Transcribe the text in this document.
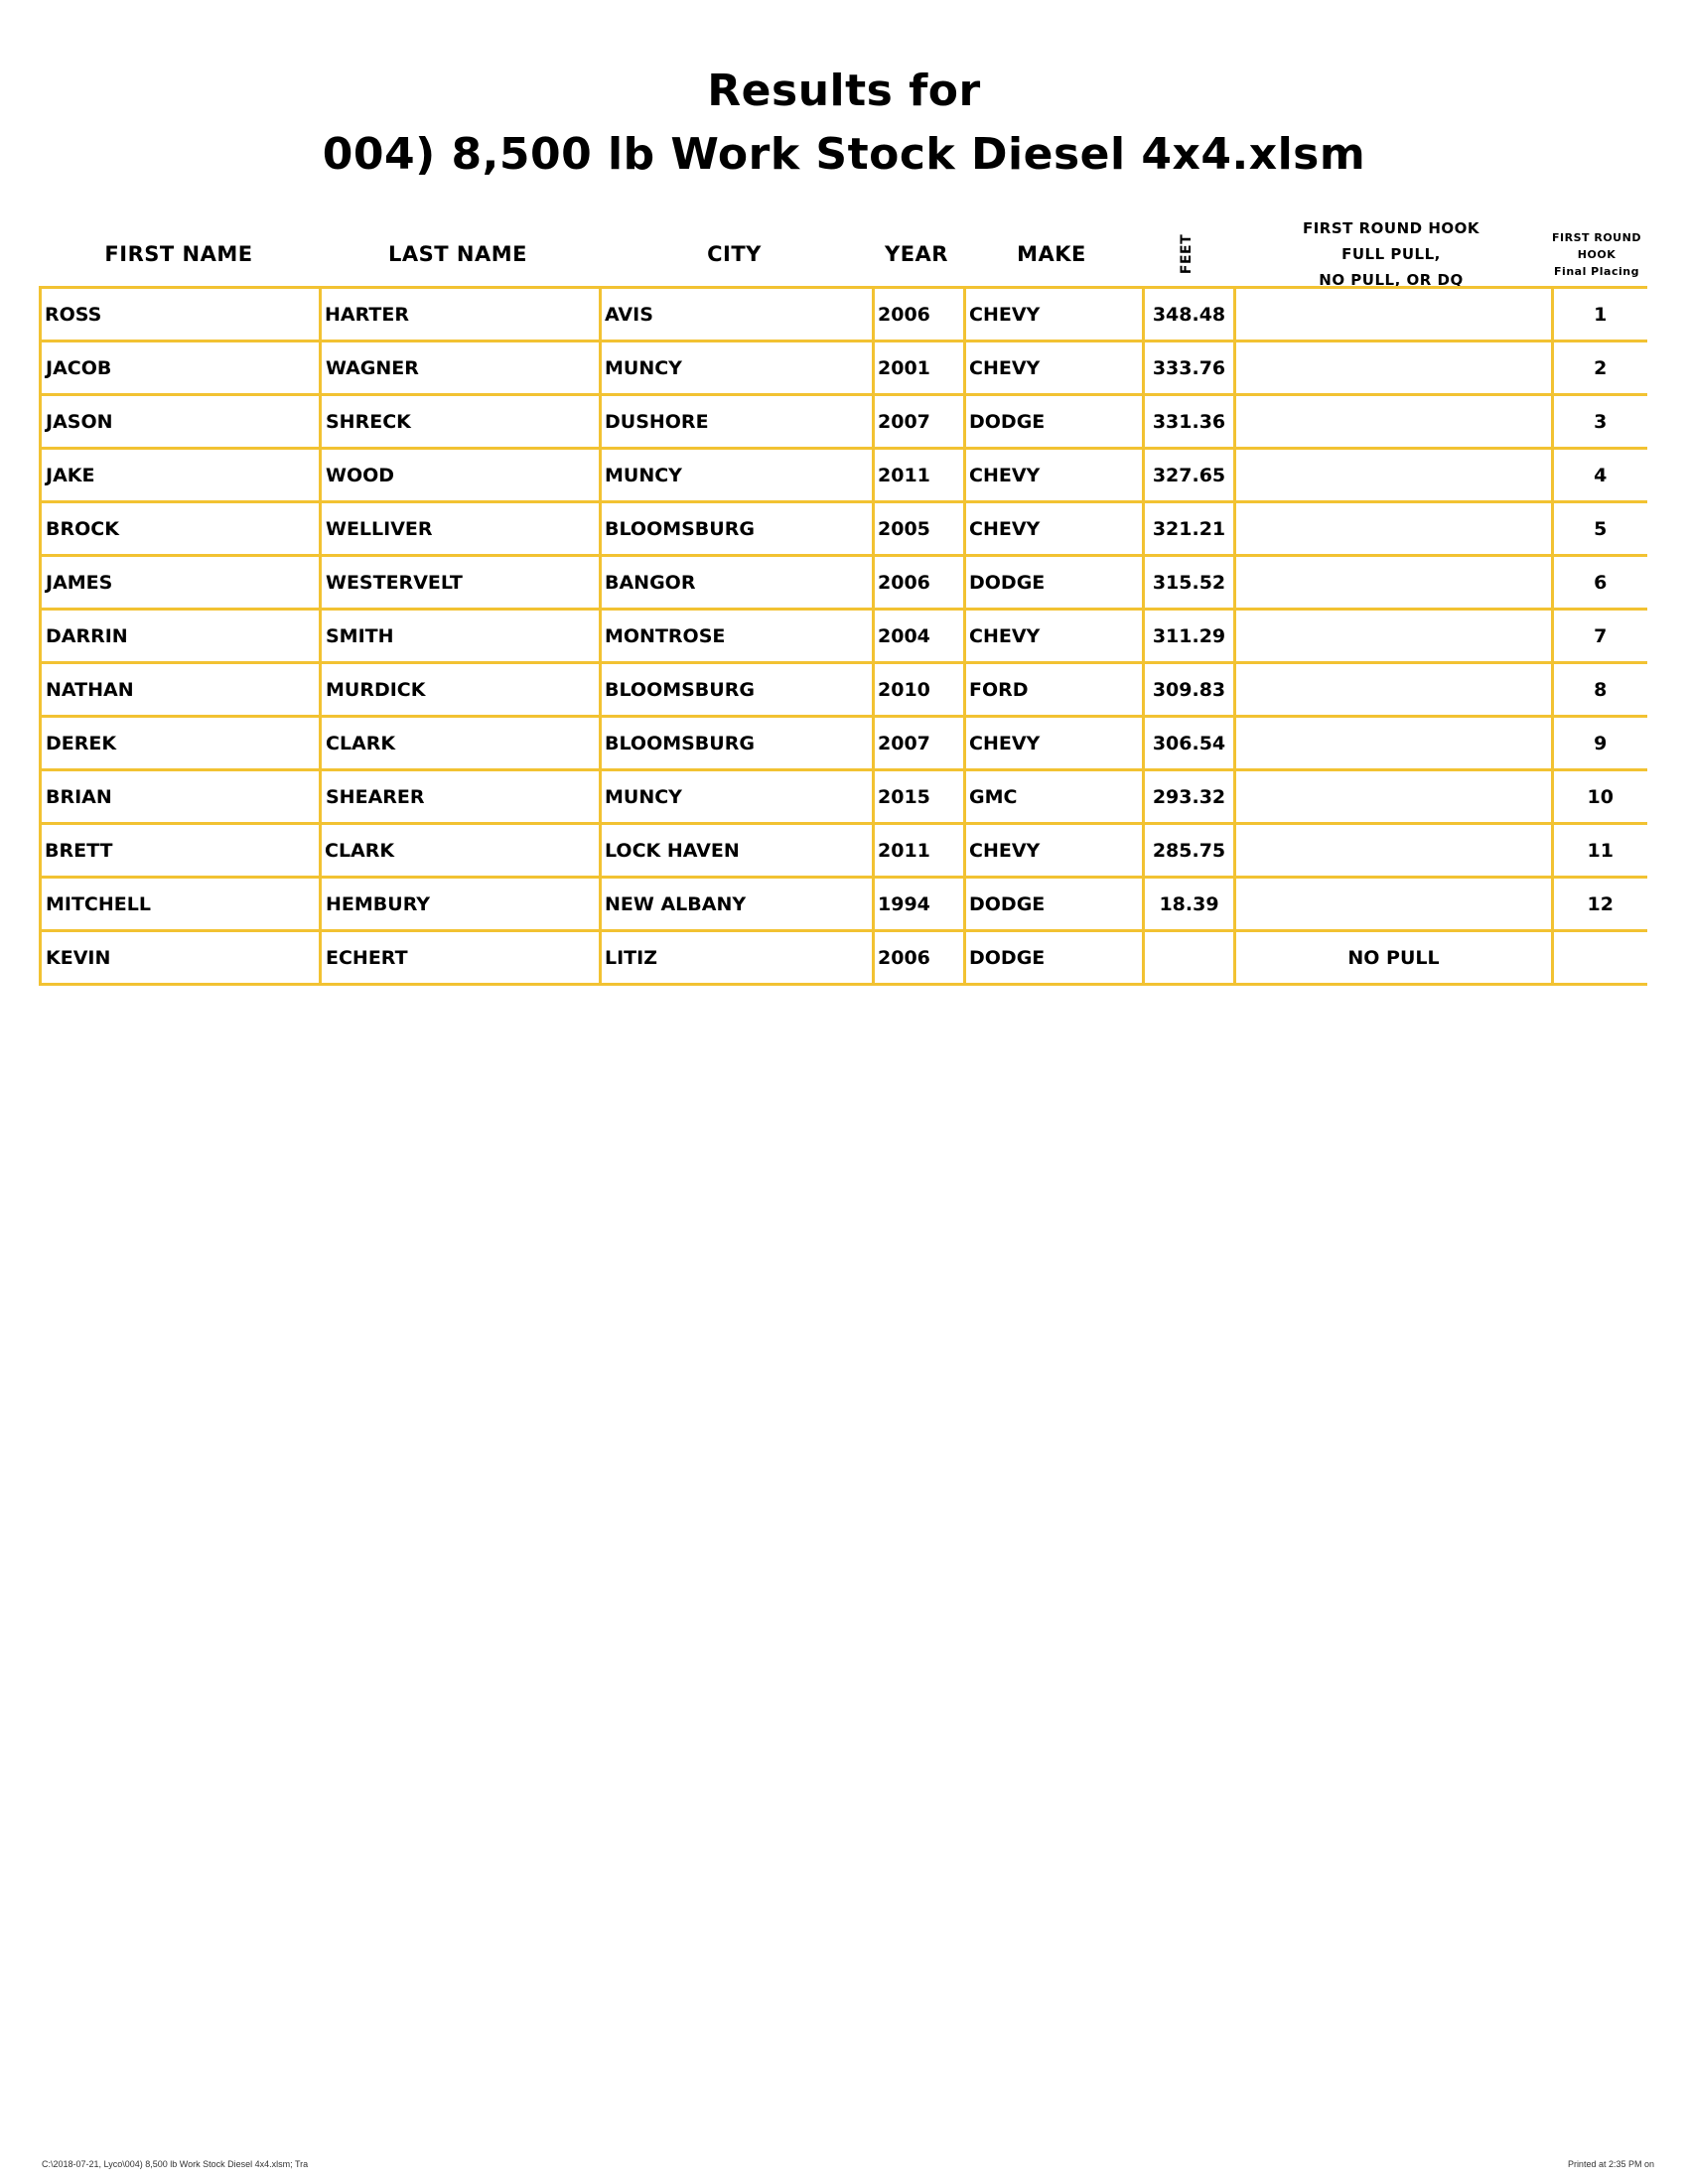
Results for
004) 8,500 lb Work Stock Diesel 4x4.xlsm
FIRST NAME	LAST NAME	CITY	YEAR	MAKE	FEET
FIRST ROUND HOOK
FULL PULL,
NO PULL, OR DQ
FIRST ROUND
HOOK
Final Placing
ROSS	HARTER	AVIS	2006	CHEVY	348.48		1
JACOB	WAGNER	MUNCY	2001	CHEVY	333.76		2
JASON	SHRECK	DUSHORE	2007	DODGE	331.36		3
JAKE	WOOD	MUNCY	2011	CHEVY	327.65		4
BROCK	WELLIVER	BLOOMSBURG	2005	CHEVY	321.21		5
JAMES	WESTERVELT	BANGOR	2006	DODGE	315.52		6
DARRIN	SMITH	MONTROSE	2004	CHEVY	311.29		7
NATHAN	MURDICK	BLOOMSBURG	2010	FORD	309.83		8
DEREK	CLARK	BLOOMSBURG	2007	CHEVY	306.54		9
BRIAN	SHEARER	MUNCY	2015	GMC	293.32		10
BRETT	CLARK	LOCK HAVEN	2011	CHEVY	285.75		11
MITCHELL	HEMBURY	NEW ALBANY	1994	DODGE	18.39		12
KEVIN	ECHERT	LITIZ	2006	DODGE		NO PULL	
C:\2018-07-21, Lyco\004) 8,500 lb Work Stock Diesel 4x4.xlsm; Tra	Printed at 2:35 PM on
